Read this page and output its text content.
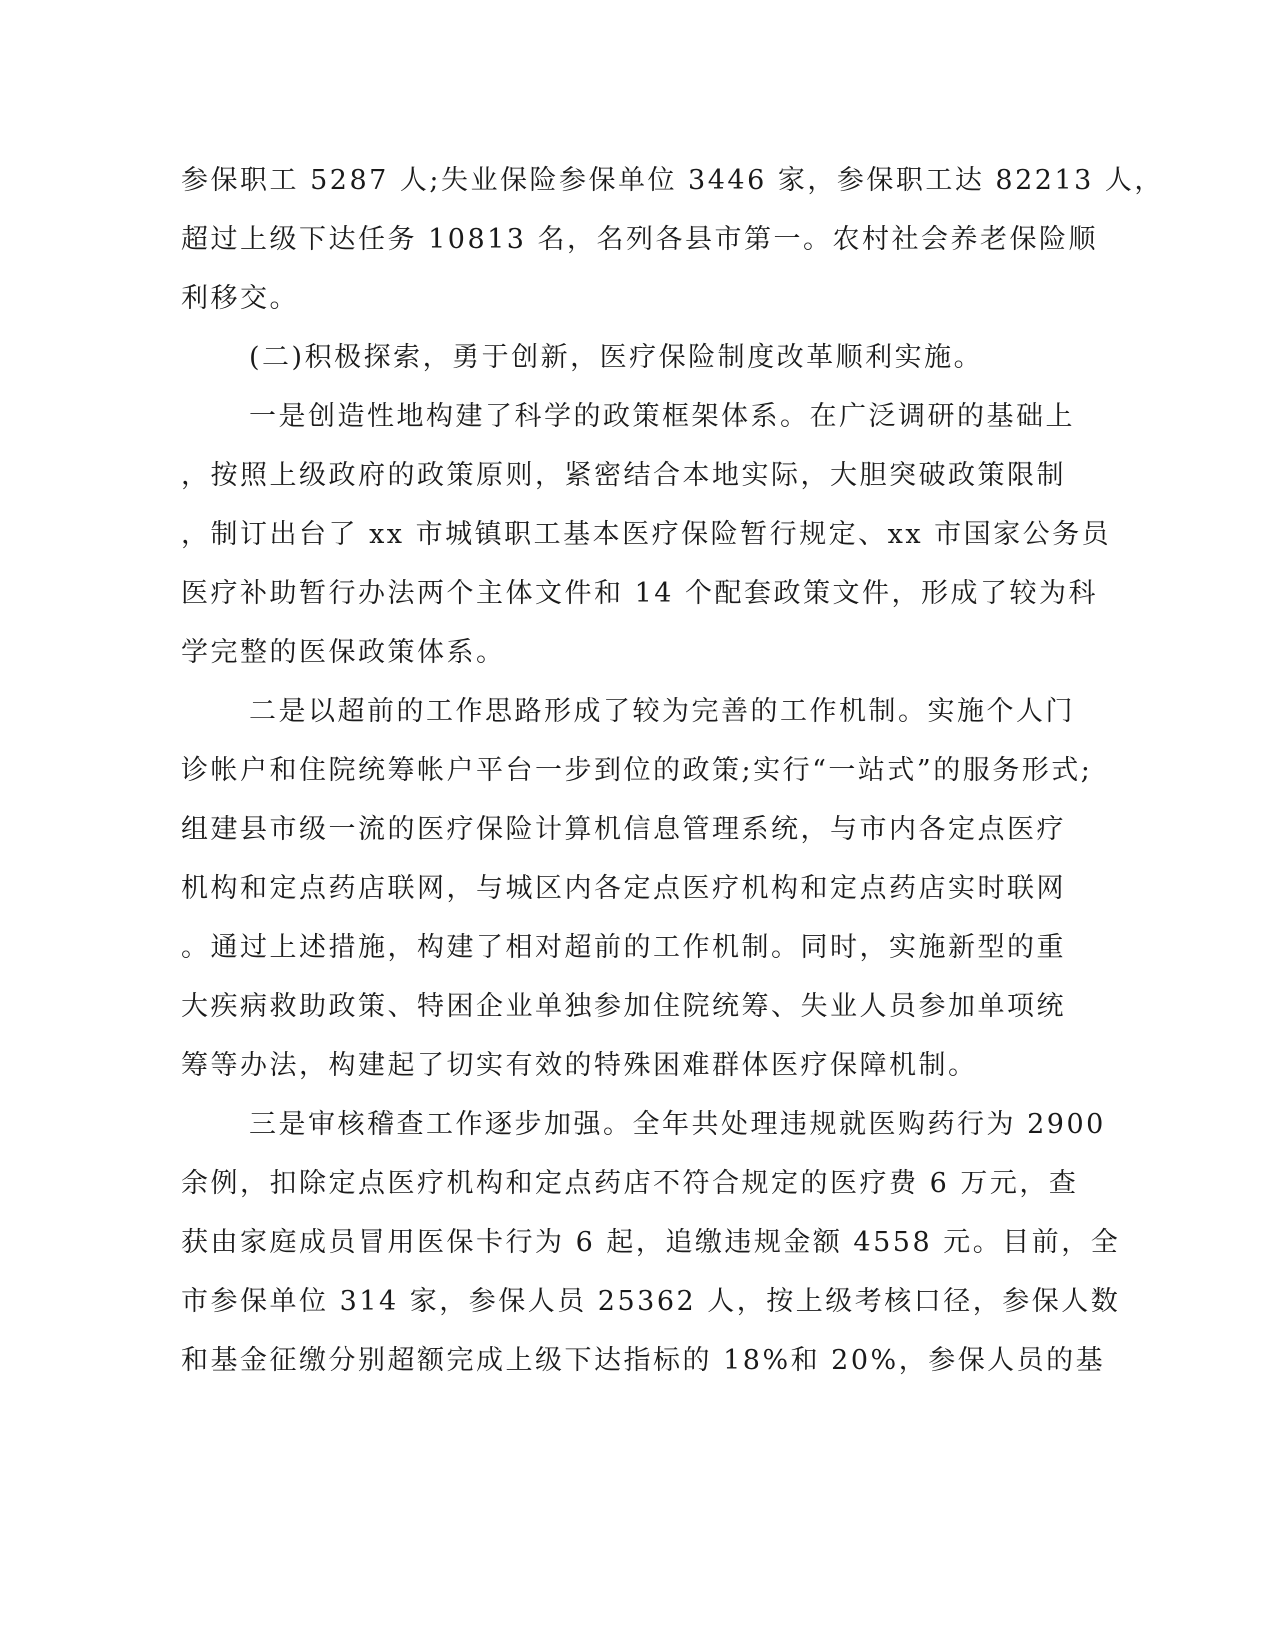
参保职工 5287 人;失业保险参保单位 3446 家，参保职工达 82213 人，
超过上级下达任务 10813 名，名列各县市第一。农村社会养老保险顺
利移交。
(二)积极探索，勇于创新，医疗保险制度改革顺利实施。
一是创造性地构建了科学的政策框架体系。在广泛调研的基础上
，按照上级政府的政策原则，紧密结合本地实际，大胆突破政策限制
，制订出台了 xx 市城镇职工基本医疗保险暂行规定、xx 市国家公务员
医疗补助暂行办法两个主体文件和 14 个配套政策文件，形成了较为科
学完整的医保政策体系。
二是以超前的工作思路形成了较为完善的工作机制。实施个人门
诊帐户和住院统筹帐户平台一步到位的政策;实行“一站式”的服务形式;
组建县市级一流的医疗保险计算机信息管理系统，与市内各定点医疗
机构和定点药店联网，与城区内各定点医疗机构和定点药店实时联网
。通过上述措施，构建了相对超前的工作机制。同时，实施新型的重
大疾病救助政策、特困企业单独参加住院统筹、失业人员参加单项统
筹等办法，构建起了切实有效的特殊困难群体医疗保障机制。
三是审核稽查工作逐步加强。全年共处理违规就医购药行为 2900
余例，扣除定点医疗机构和定点药店不符合规定的医疗费 6 万元，查
获由家庭成员冒用医保卡行为 6 起，追缴违规金额 4558 元。目前，全
市参保单位 314 家，参保人员 25362 人，按上级考核口径，参保人数
和基金征缴分别超额完成上级下达指标的 18%和 20%，参保人员的基
